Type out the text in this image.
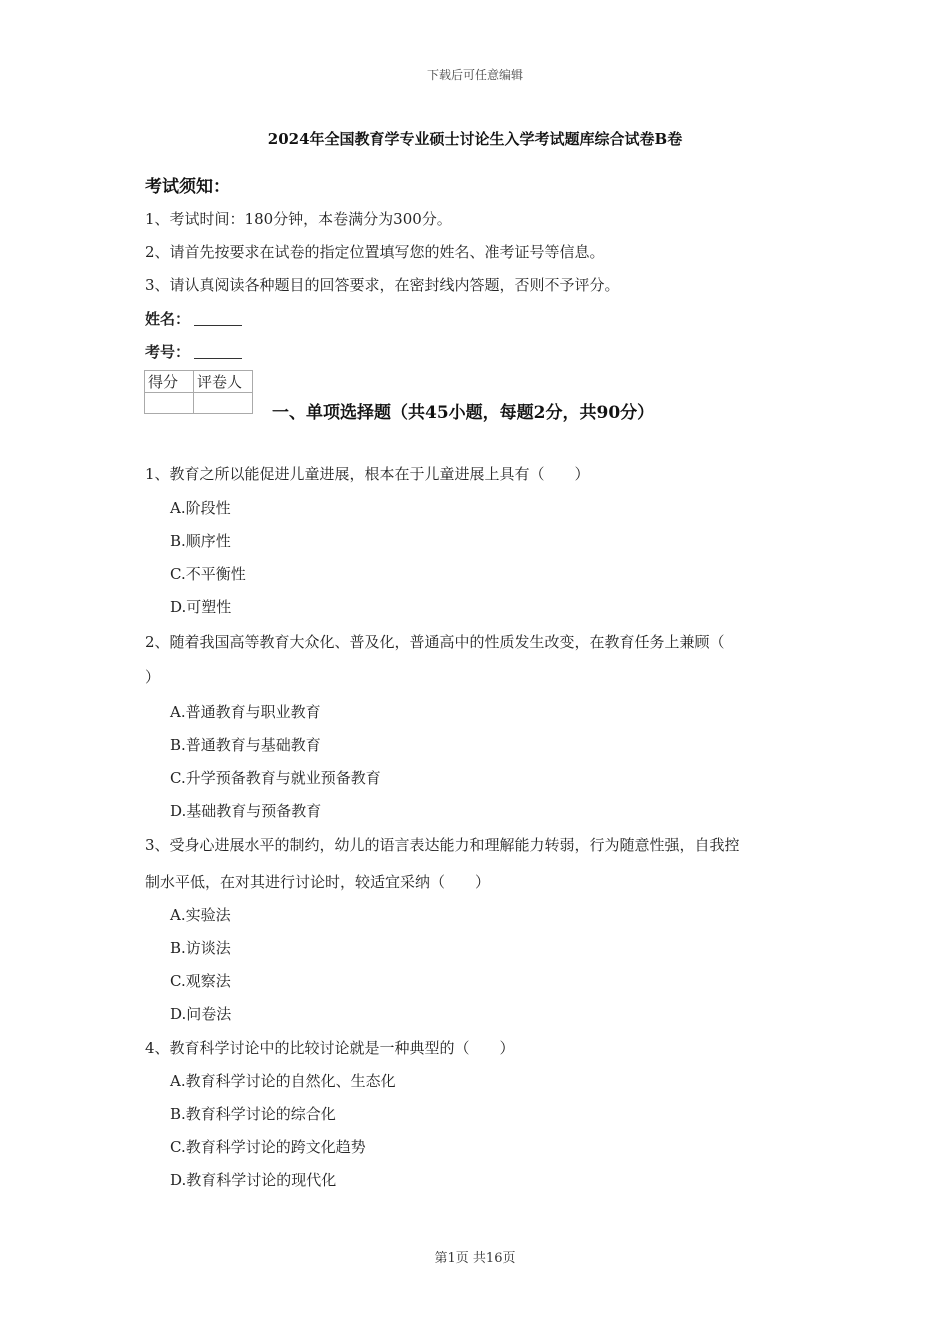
下载后可任意编辑
2024年全国教育学专业硕士讨论生入学考试题库综合试卷B卷
考试须知：
1、考试时间：180分钟，本卷满分为300分。
2、请首先按要求在试卷的指定位置填写您的姓名、准考证号等信息。
3、请认真阅读各种题目的回答要求，在密封线内答题，否则不予评分。
姓名：
考号：
得分	评卷人

一、单项选择题（共45小题，每题2分，共90分）
1、教育之所以能促进儿童进展，根本在于儿童进展上具有（　　）
A.阶段性
B.顺序性
C.不平衡性
D.可塑性
2、随着我国高等教育大众化、普及化，普通高中的性质发生改变，在教育任务上兼顾（
）
A.普通教育与职业教育
B.普通教育与基础教育
C.升学预备教育与就业预备教育
D.基础教育与预备教育
3、受身心进展水平的制约，幼儿的语言表达能力和理解能力转弱，行为随意性强，自我控
制水平低，在对其进行讨论时，较适宜采纳（　　）
A.实验法
B.访谈法
C.观察法
D.问卷法
4、教育科学讨论中的比较讨论就是一种典型的（　　）
A.教育科学讨论的自然化、生态化
B.教育科学讨论的综合化
C.教育科学讨论的跨文化趋势
D.教育科学讨论的现代化
第1页 共16页
